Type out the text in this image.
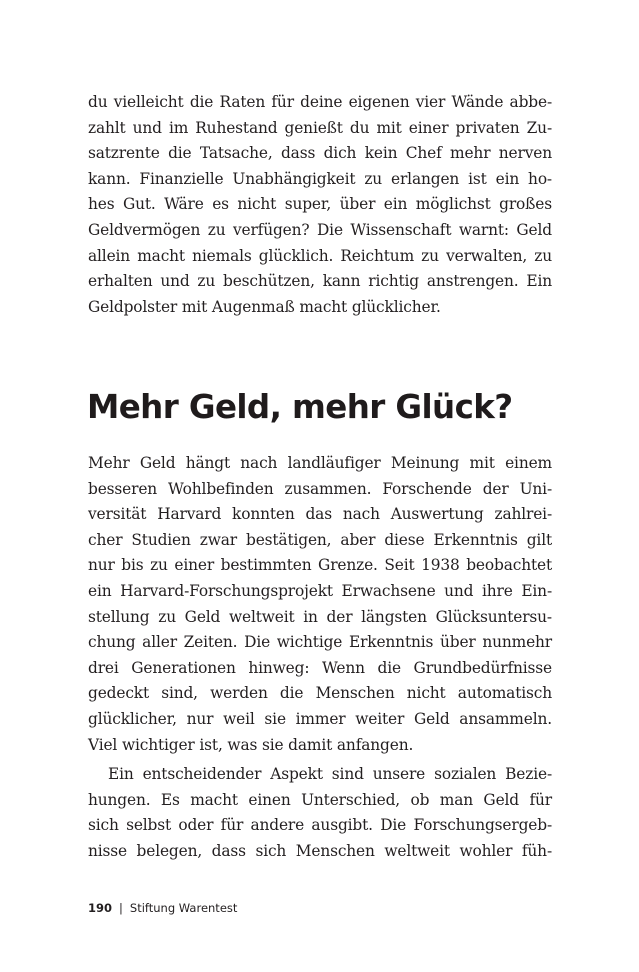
du vielleicht die Raten für deine eigenen vier Wände abbe-
zahlt und im Ruhestand genießt du mit einer privaten Zu-
satzrente die Tatsache, dass dich kein Chef mehr nerven
kann. Finanzielle Unabhängigkeit zu erlangen ist ein ho-
hes Gut. Wäre es nicht super, über ein möglichst großes
Geldvermögen zu verfügen? Die Wissenschaft warnt: Geld
allein macht niemals glücklich. Reichtum zu verwalten, zu
erhalten und zu beschützen, kann richtig anstrengen. Ein
Geldpolster mit Augenmaß macht glücklicher.
Mehr Geld, mehr Glück?
Mehr Geld hängt nach landläufiger Meinung mit einem
besseren Wohlbefinden zusammen. Forschende der Uni-
versität Harvard konnten das nach Auswertung zahlrei-
cher Studien zwar bestätigen, aber diese Erkenntnis gilt
nur bis zu einer bestimmten Grenze. Seit 1938 beobachtet
ein Harvard-Forschungsprojekt Erwachsene und ihre Ein-
stellung zu Geld weltweit in der längsten Glücksuntersu-
chung aller Zeiten. Die wichtige Erkenntnis über nunmehr
drei Generationen hinweg: Wenn die Grundbedürfnisse
gedeckt sind, werden die Menschen nicht automatisch
glücklicher, nur weil sie immer weiter Geld ansammeln.
Viel wichtiger ist, was sie damit anfangen.
Ein entscheidender Aspekt sind unsere sozialen Bezie-
hungen. Es macht einen Unterschied, ob man Geld für
sich selbst oder für andere ausgibt. Die Forschungsergeb-
nisse belegen, dass sich Menschen weltweit wohler füh-
190 | Stiftung Warentest
